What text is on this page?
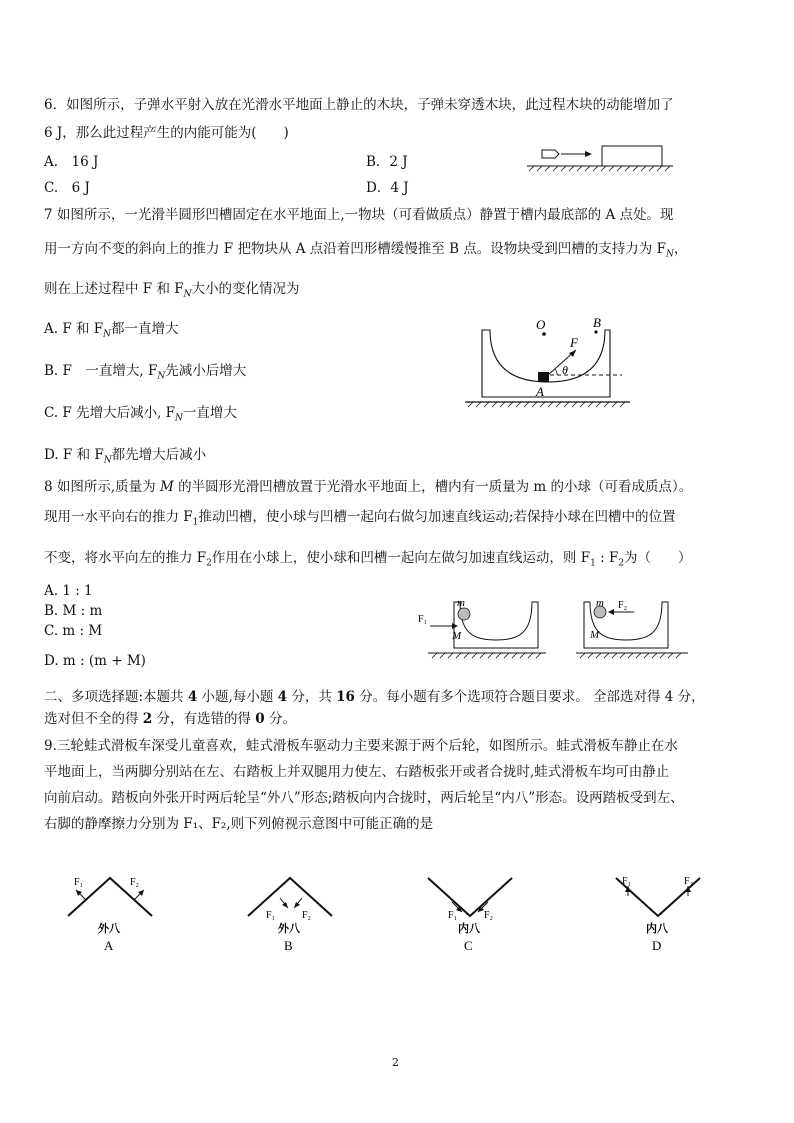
6．如图所示，子弹水平射入放在光滑水平地面上静止的木块，子弹未穿透木块，此过程木块的动能增加了
6 J，那么此过程产生的内能可能为(　　)
A.　16 J	B．2 J
C.　6 J	D．4 J
7 如图所示，一光滑半圆形凹槽固定在水平地面上,一物块（可看做质点）静置于槽内最底部的 A 点处。现
用一方向不变的斜向上的推力 F 把物块从 A 点沿着凹形槽缓慢推至 B 点。设物块受到凹槽的支持力为 $F_N$，
则在上述过程中 F 和 $F_N$大小的变化情况为
A. F 和 $F_N$都一直增大
B. F　一直增大, $F_N$先减小后增大
C. F 先增大后减小, $F_N$一直增大
D. F 和 $F_N$都先增大后减小
O	B
F
θ
A
8 如图所示,质量为 M 的半圆形光滑凹槽放置于光滑水平地面上，槽内有一质量为 m 的小球（可看成质点）。
现用一水平向右的推力 $F_1$推动凹槽，使小球与凹槽一起向右做匀加速直线运动;若保持小球在凹槽中的位置
不变，将水平向左的推力 $F_2$作用在小球上，使小球和凹槽一起向左做匀加速直线运动，则 $F_1$ : $F_2$为（　　）
A. 1 : 1
B. M : m
C. m : M
D. m : (m + M)
m
F₁
M
m F₂
M
二、多项选择题:本题共 4 小题,每小题 4 分，共 16 分。每小题有多个选项符合题目要求。 全部选对得 4 分，
选对但不全的得 2 分，有选错的得 0 分。
9.三轮蛙式滑板车深受儿童喜欢，蛙式滑板车驱动力主要来源于两个后轮，如图所示。蛙式滑板车静止在水
平地面上，当两脚分别站在左、右踏板上并双腿用力使左、右踏板张开或者合拢时,蛙式滑板车均可由静止
向前启动。踏板向外张开时两后轮呈“外八”形态;踏板向内合拢时，两后轮呈“内八”形态。设两踏板受到左、
右脚的静摩擦力分别为 F₁、F₂,则下列俯视示意图中可能正确的是
F₁	F₂
外八
A
F₁	F₂
外八
B
F₁	F₂
内八
C
F₁	F₂
内八
D
2
